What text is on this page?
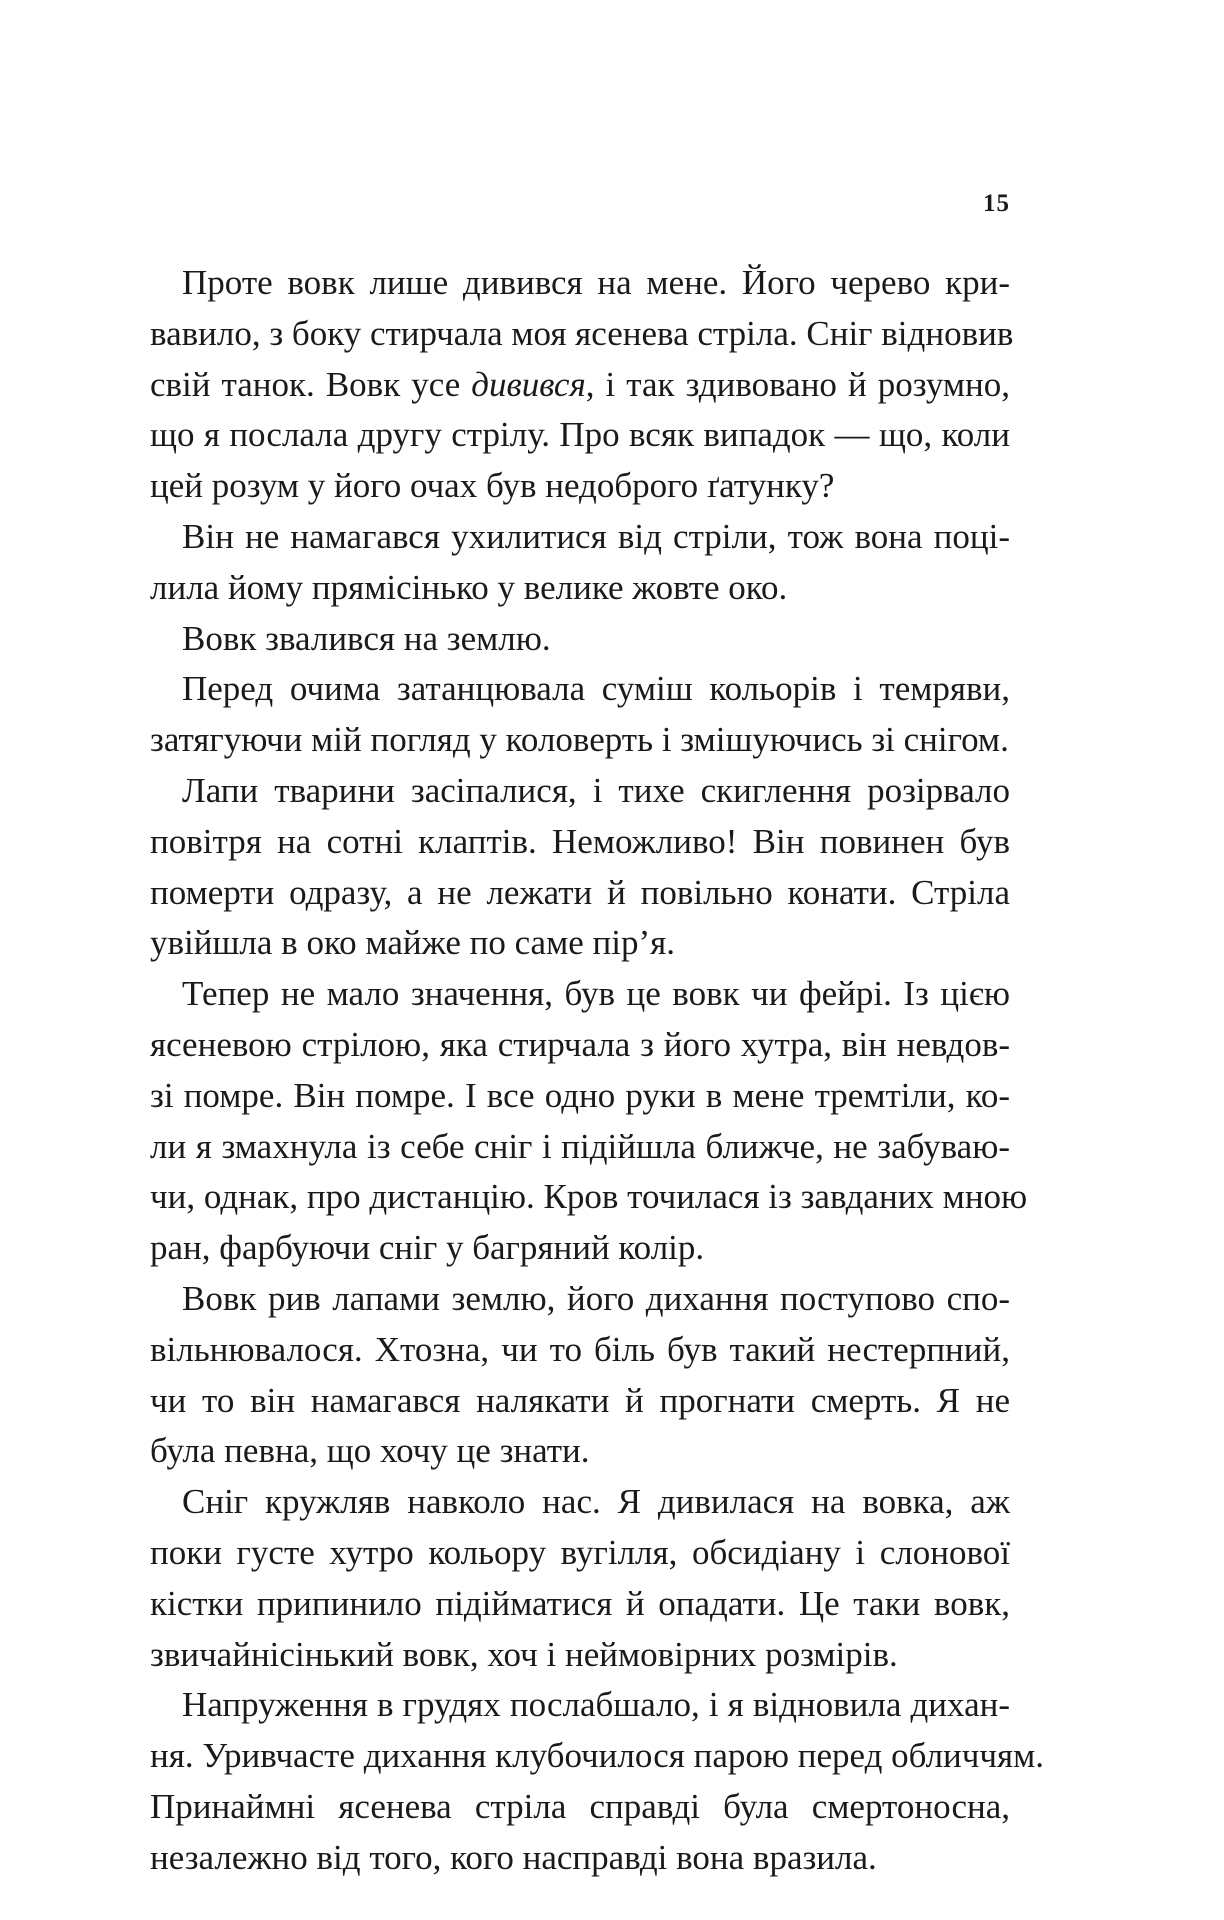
15
Проте вовк лише дивився на мене. Його черево кри-
вавило, з боку стирчала моя ясенева стріла. Сніг відновив
свій танок. Вовк усе дивився, і так здивовано й розумно,
що я послала другу стрілу. Про всяк випадок — що, коли
цей розум у його очах був недоброго ґатунку?
Він не намагався ухилитися від стріли, тож вона поці-
лила йому прямісінько у велике жовте око.
Вовк звалився на землю.
Перед очима затанцювала суміш кольорів і темряви,
затягуючи мій погляд у коловерть і змішуючись зі снігом.
Лапи тварини засіпалися, і тихе скиглення розірвало
повітря на сотні клаптів. Неможливо! Він повинен був
померти одразу, а не лежати й повільно конати. Стріла
увійшла в око майже по саме пір’я.
Тепер не мало значення, був це вовк чи фейрі. Із цією
ясеневою стрілою, яка стирчала з його хутра, він невдов-
зі помре. Він помре. І все одно руки в мене тремтіли, ко-
ли я змахнула із себе сніг і підійшла ближче, не забуваю-
чи, однак, про дистанцію. Кров точилася із завданих мною
ран, фарбуючи сніг у багряний колір.
Вовк рив лапами землю, його дихання поступово спо-
вільнювалося. Хтозна, чи то біль був такий нестерпний,
чи то він намагався налякати й прогнати смерть. Я не
була певна, що хочу це знати.
Сніг кружляв навколо нас. Я дивилася на вовка, аж
поки густе хутро кольору вугілля, обсидіану і слонової
кістки припинило підійматися й опадати. Це таки вовк,
звичайнісінький вовк, хоч і неймовірних розмірів.
Напруження в грудях послабшало, і я відновила дихан-
ня. Уривчасте дихання клубочилося парою перед обличчям.
Принаймні ясенева стріла справді була смертоносна,
незалежно від того, кого насправді вона вразила.
